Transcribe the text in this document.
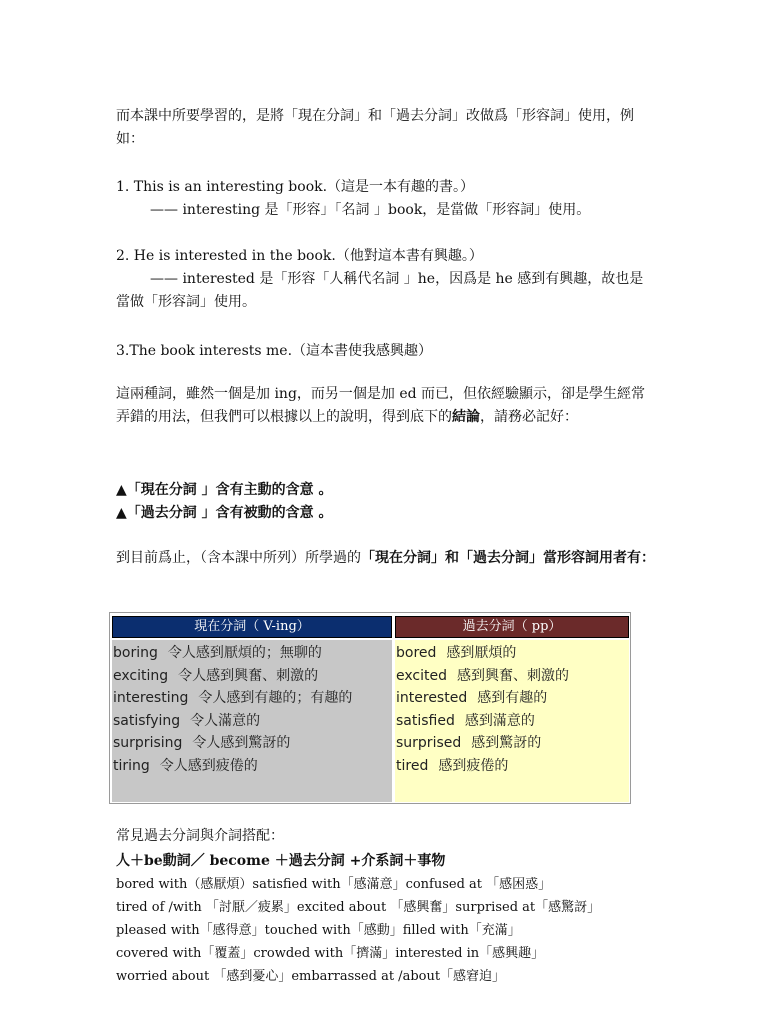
而本課中所要學習的，是將「現在分詞」和「過去分詞」改做爲「形容詞」使用，例如：

1. This is an interesting book.（這是一本有趣的書。）

—— interesting 是「形容」「名詞 」book，是當做「形容詞」使用。

2. He is interested in the book.（他對這本書有興趣。）

—— interested 是「形容「人稱代名詞 」he，因爲是 he 感到有興趣，故也是當做「形容詞」使用。

3.The book interests me.（這本書使我感興趣）

這兩種詞，雖然一個是加 ing，而另一個是加 ed 而已，但依經驗顯示，卻是學生經常弄錯的用法，但我們可以根據以上的說明，得到底下的結論，請務必記好：

▲「現在分詞 」含有主動的含意 。

▲「過去分詞 」含有被動的含意 。

到目前爲止，（含本課中所列）所學過的「現在分詞」和「過去分詞」當形容詞用者有：

現在分詞（ V-ing）	過去分詞（ pp）
boring 令人感到厭煩的；無聊的
exciting 令人感到興奮、刺激的
interesting 令人感到有趣的；有趣的
satisfying 令人滿意的
surprising 令人感到驚訝的
tiring 令人感到疲倦的
bored 感到厭煩的
excited 感到興奮、刺激的
interested 感到有趣的
satisfied 感到滿意的
surprised 感到驚訝的
tired 感到疲倦的

常見過去分詞與介詞搭配：

人＋be動詞／ become ＋過去分詞 +介系詞＋事物

bored with（感厭煩）satisfied with「感滿意」confused at 「感困惑」

tired of /with 「討厭／疲累」excited about 「感興奮」surprised at「感驚訝」

pleased with「感得意」touched with「感動」filled with「充滿」

covered with「覆蓋」crowded with「擠滿」interested in「感興趣」

worried about 「感到憂心」embarrassed at /about「感窘迫」
